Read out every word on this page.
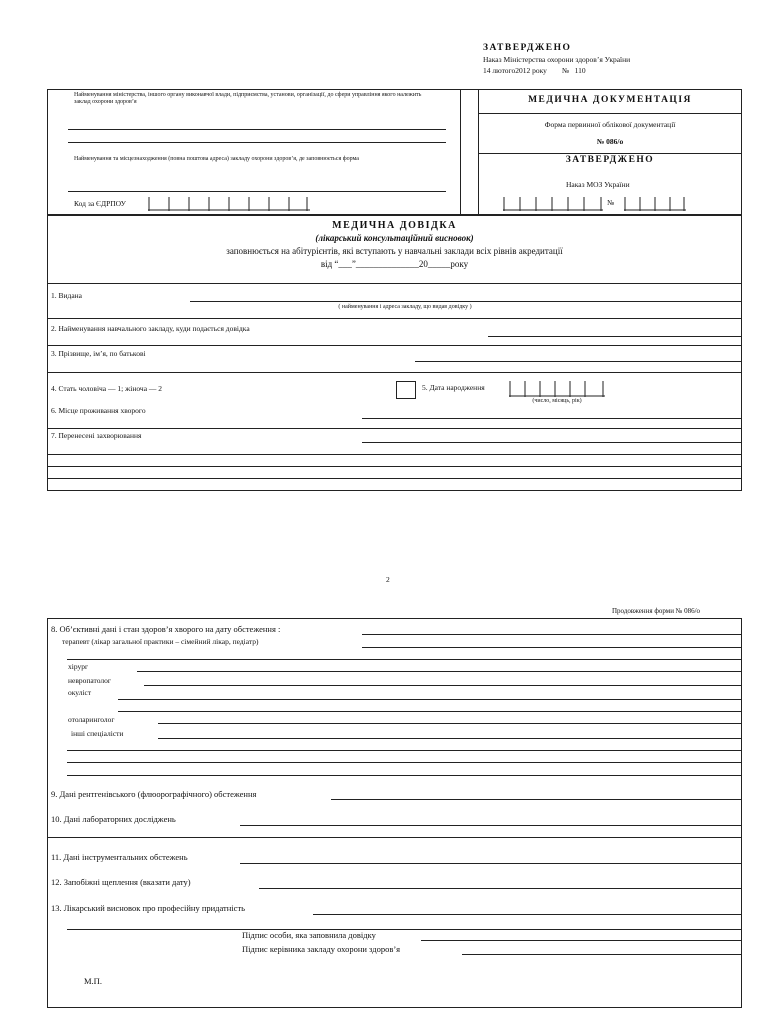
ЗАТВЕРДЖЕНО
Наказ Міністерства охорони здоров’я України
14 лютого2012 року        №   110
Найменування міністерства, іншого органу виконавчої влади, підприємства, установи, організації, до сфери управління якого належить заклад охорони здоров’я
Найменування та місцезнаходження (повна поштова адреса) закладу охорони здоров’я, де заповнюється форма
Код за ЄДРПОУ
МЕДИЧНА ДОКУМЕНТАЦІЯ
Форма первинної облікової документації
№ 086/о
ЗАТВЕРДЖЕНО
Наказ МОЗ України
№
МЕДИЧНА ДОВІДКА
(лікарський консультаційний висновок)
заповнюється на абітурієнтів, які вступають у навчальні заклади всіх рівнів акредитації
від “___”______________20_____року
1. Видана
( найменування і адреса закладу, що видав довідку )
2. Найменування навчального закладу, куди подається довідка
3. Прізвище, ім’я, по батькові
4. Стать чоловіча — 1; жіноча — 2	5. Дата народження
(число, місяць, рік)
6. Місце проживання хворого
7. Перенесені захворювання
2
Продовження форми № 086/о
8. Об’єктивні дані і стан здоров’я хворого на дату обстеження :
терапевт (лікар загальної практики – сімейний лікар, педіатр)
хірург
невропатолог
окуліст
отоларинголог
інші спеціалісти
9. Дані рентгенівського (флюорографічного) обстеження
10. Дані лабораторних досліджень
11. Дані інструментальних обстежень
12. Запобіжні щеплення (вказати дату)
13. Лікарський висновок про професійну придатність
Підпис особи, яка заповнила довідку
Підпис керівника закладу охорони здоров’я
М.П.
